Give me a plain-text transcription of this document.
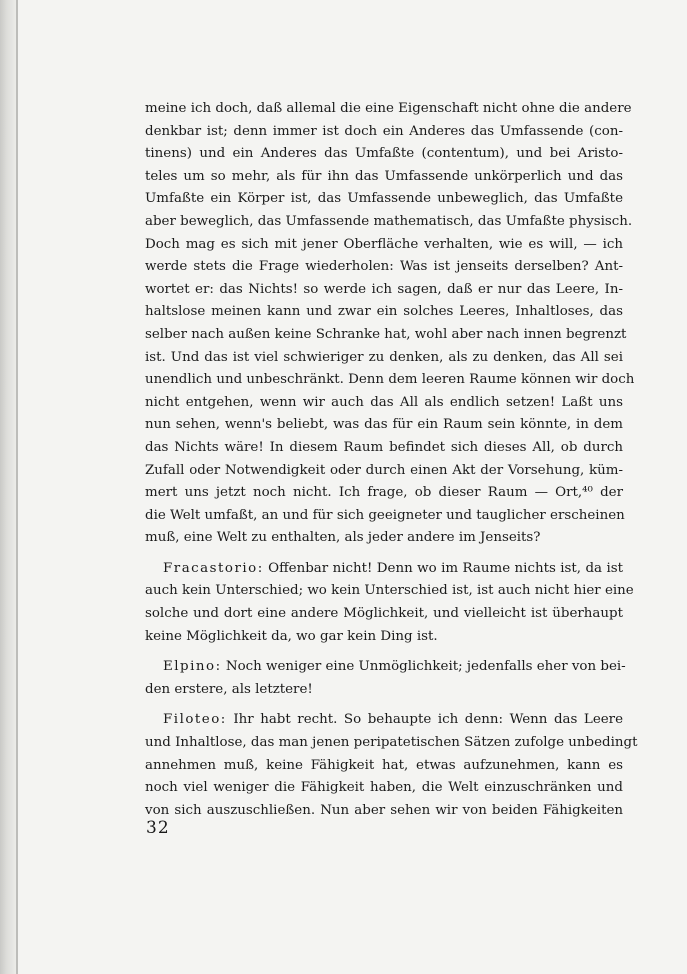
meine ich doch, daß allemal die eine Eigenschaft nicht ohne die andere
denkbar ist; denn immer ist doch ein Anderes das Umfassende (con-
tinens) und ein Anderes das Umfaßte (contentum), und bei Aristo-
teles um so mehr, als für ihn das Umfassende unkörperlich und das
Umfaßte ein Körper ist, das Umfassende unbeweglich, das Umfaßte
aber beweglich, das Umfassende mathematisch, das Umfaßte physisch.
Doch mag es sich mit jener Oberfläche verhalten, wie es will, — ich
werde stets die Frage wiederholen: Was ist jenseits derselben? Ant-
wortet er: das Nichts! so werde ich sagen, daß er nur das Leere, In-
haltslose meinen kann und zwar ein solches Leeres, Inhaltloses, das
selber nach außen keine Schranke hat, wohl aber nach innen begrenzt
ist. Und das ist viel schwieriger zu denken, als zu denken, das All sei
unendlich und unbeschränkt. Denn dem leeren Raume können wir doch
nicht entgehen, wenn wir auch das All als endlich setzen! Laßt uns
nun sehen, wenn's beliebt, was das für ein Raum sein könnte, in dem
das Nichts wäre! In diesem Raum befindet sich dieses All, ob durch
Zufall oder Notwendigkeit oder durch einen Akt der Vorsehung, küm-
mert uns jetzt noch nicht. Ich frage, ob dieser Raum — Ort,⁴⁰ der
die Welt umfaßt, an und für sich geeigneter und tauglicher erscheinen
muß, eine Welt zu enthalten, als jeder andere im Jenseits?
Fracastorio: Offenbar nicht! Denn wo im Raume nichts ist, da ist
auch kein Unterschied; wo kein Unterschied ist, ist auch nicht hier eine
solche und dort eine andere Möglichkeit, und vielleicht ist überhaupt
keine Möglichkeit da, wo gar kein Ding ist.
Elpino: Noch weniger eine Unmöglichkeit; jedenfalls eher von bei-
den erstere, als letztere!
Filoteo: Ihr habt recht. So behaupte ich denn: Wenn das Leere
und Inhaltlose, das man jenen peripatetischen Sätzen zufolge unbedingt
annehmen muß, keine Fähigkeit hat, etwas aufzunehmen, kann es
noch viel weniger die Fähigkeit haben, die Welt einzuschränken und
von sich auszuschließen. Nun aber sehen wir von beiden Fähigkeiten
32
